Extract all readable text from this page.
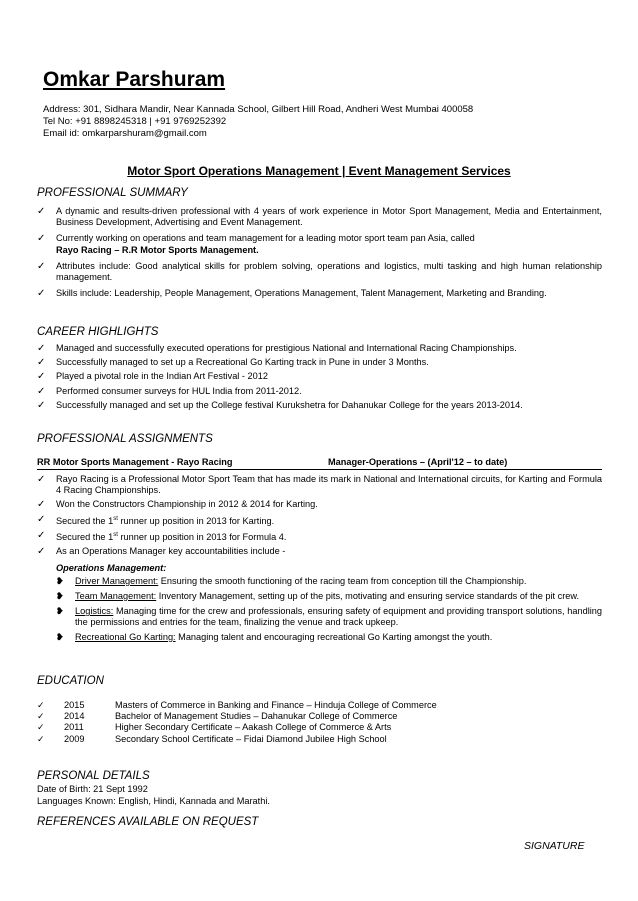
Omkar Parshuram
Address: 301, Sidhara Mandir, Near Kannada School, Gilbert Hill Road, Andheri West Mumbai 400058
Tel No: +91 8898245318 | +91 9769252392
Email id: omkarparshuram@gmail.com
Motor Sport Operations Management | Event Management Services
PROFESSIONAL SUMMARY
✓ A dynamic and results-driven professional with 4 years of work experience in Motor Sport Management, Media and Entertainment, Business Development, Advertising and Event Management.
✓ Currently working on operations and team management for a leading motor sport team pan Asia, called
Rayo Racing – R.R Motor Sports Management.
✓ Attributes include: Good analytical skills for problem solving, operations and logistics, multi tasking and high human relationship management.
✓ Skills include: Leadership, People Management, Operations Management, Talent Management, Marketing and Branding.
CAREER HIGHLIGHTS
✓ Managed and successfully executed operations for prestigious National and International Racing Championships.
✓ Successfully managed to set up a Recreational Go Karting track in Pune in under 3 Months.
✓ Played a pivotal role in the Indian Art Festival - 2012
✓ Performed consumer surveys for HUL India from 2011-2012.
✓ Successfully managed and set up the College festival Kurukshetra for Dahanukar College for the years 2013-2014.
PROFESSIONAL ASSIGNMENTS
RR Motor Sports Management - Rayo Racing	Manager-Operations – (April'12 – to date)
✓ Rayo Racing is a Professional Motor Sport Team that has made its mark in National and International circuits, for Karting and Formula 4 Racing Championships.
✓ Won the Constructors Championship in 2012 & 2014 for Karting.
✓ Secured the 1st runner up position in 2013 for Karting.
✓ Secured the 1st runner up position in 2013 for Formula 4.
✓ As an Operations Manager key accountabilities include -
Operations Management:
❥ Driver Management: Ensuring the smooth functioning of the racing team from conception till the Championship.
❥ Team Management: Inventory Management, setting up of the pits, motivating and ensuring service standards of the pit crew.
❥ Logistics: Managing time for the crew and professionals, ensuring safety of equipment and providing transport solutions, handling the permissions and entries for the team, finalizing the venue and track upkeep.
❥ Recreational Go Karting: Managing talent and encouraging recreational Go Karting amongst the youth.
EDUCATION
✓	2015	Masters of Commerce in Banking and Finance – Hinduja College of Commerce
✓	2014	Bachelor of Management Studies – Dahanukar College of Commerce
✓	2011	Higher Secondary Certificate – Aakash College of Commerce & Arts
✓	2009	Secondary School Certificate – Fidai Diamond Jubilee High School
PERSONAL DETAILS
Date of Birth: 21 Sept 1992
Languages Known: English, Hindi, Kannada and Marathi.
REFERENCES AVAILABLE ON REQUEST
SIGNATURE
